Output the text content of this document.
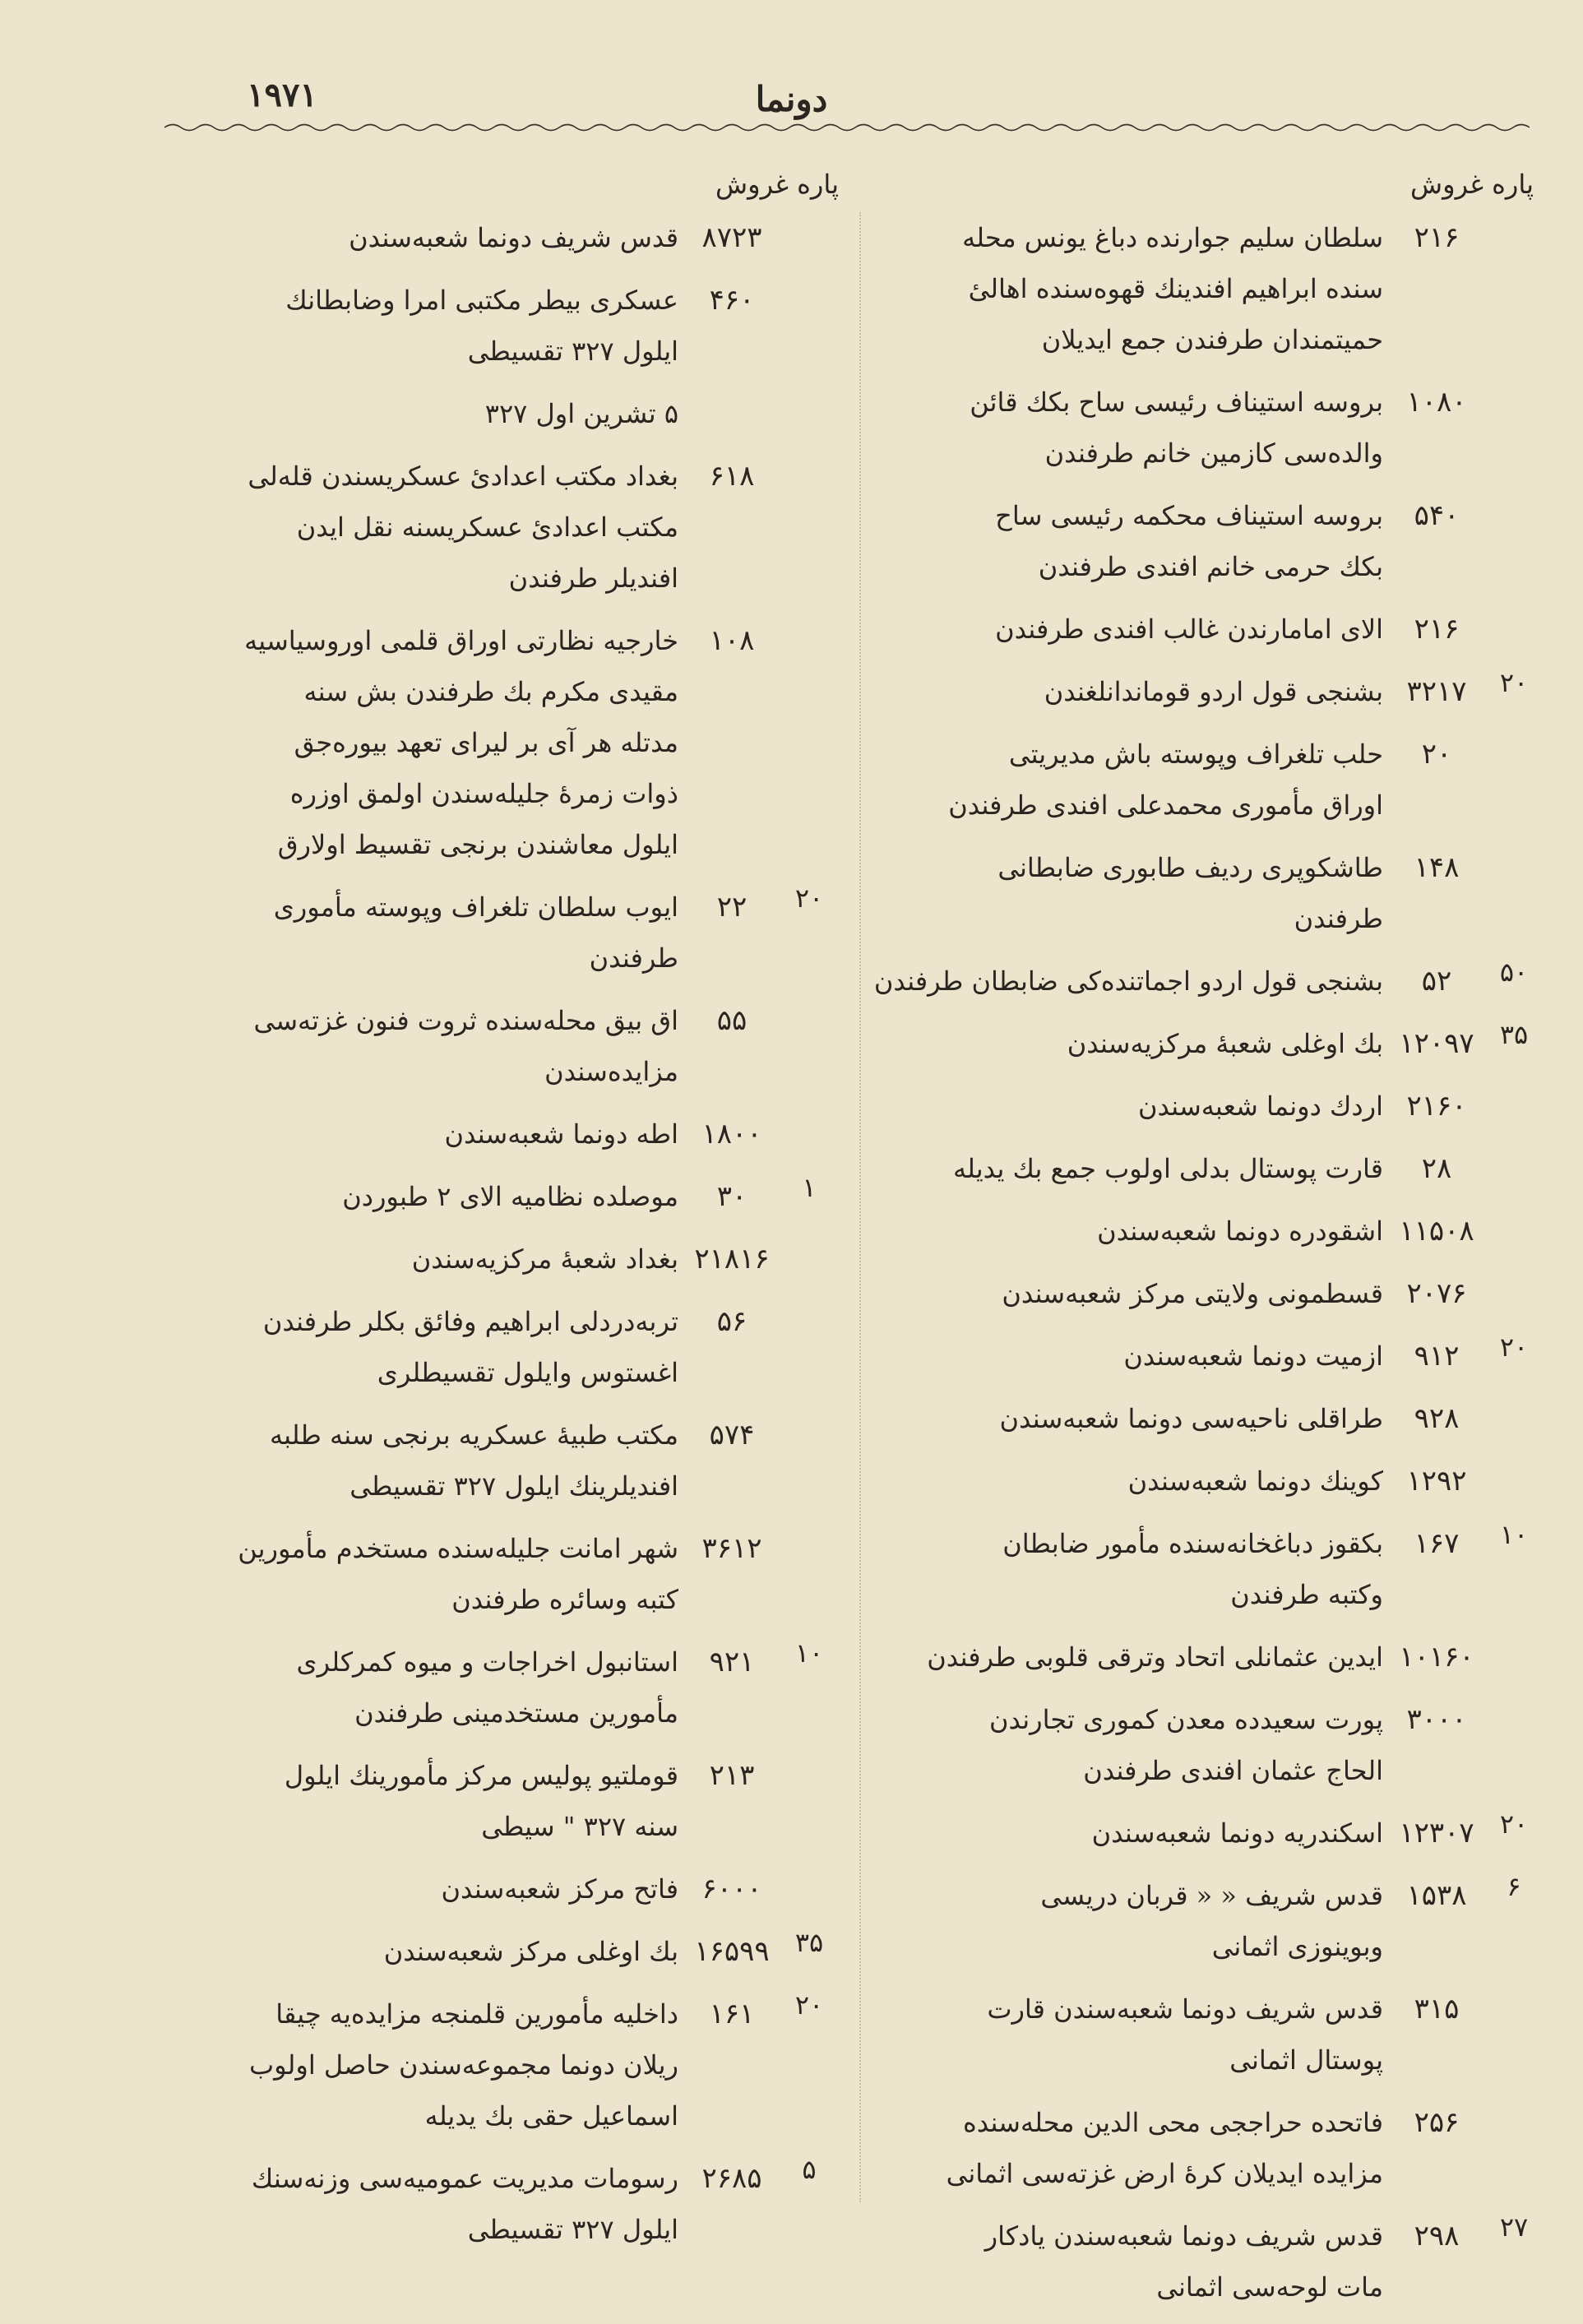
۱۹۷۱	دونما
پاره غروش
پاره غروش
۲۱۶
سلطان سلیم جوارنده دباغ یونس محله‌
سنده ابراهیم افندینك قهوه‌سنده اهالیٔ
حمیتمندان طرفندن جمع ایدیلان
۱۰۸۰
بروسه استیناف رئیسی ساح بكك قائن
والده‌سی كازمین خانم طرفندن
۵۴۰
بروسه استیناف محكمه رئیسی ساح
بكك حرمی خانم افندی طرفندن
۲۱۶
الای امامارندن غالب افندی طرفندن
۲۰
۳۲۱۷
بشنجی قول اردو قوماندانلغندن
۲۰
حلب تلغراف وپوسته باش مدیریتی
اوراق مأموری محمدعلی افندی طرفندن
۱۴۸
طاشكوپری ردیف طابوری ضابطانی
طرفندن
۵۰
۵۲
بشنجی قول اردو اجماتنده‌كی ضابطان طرفندن
۳۵
۱۲۰۹۷
بك اوغلی شعبهٔ مركزیه‌سندن
۲۱۶۰
اردك دونما شعبه‌سندن
۲۸
قارت پوستال بدلی اولوب جمع بك یدیله
۱۱۵۰۸
اشقودره دونما شعبه‌سندن
۲۰۷۶
قسطمونی ولایتی مركز شعبه‌سندن
۲۰
۹۱۲
ازمیت دونما شعبه‌سندن
۹۲۸
طراقلی ناحیه‌سی دونما شعبه‌سندن
۱۲۹۲
كوینك دونما شعبه‌سندن
۱۰
۱۶۷
بكقوز دباغخانه‌سنده مأمور ضابطان
وكتبه طرفندن
۱۰۱۶۰
ایدین عثمانلی اتحاد وترقی قلوبی طرفندن
۳۰۰۰
پورت سعیدده معدن كموری تجارندن
الحاج عثمان افندی طرفندن
۲۰
۱۲۳۰۷
اسكندریه دونما شعبه‌سندن
۶
۱۵۳۸
قدس شریف « « قربان دریسی
وبوینوزی اثمانی
۳۱۵
قدس شریف دونما شعبه‌سندن قارت
پوستال اثمانی
۲۵۶
فاتحده حراججی محی الدین محله‌سنده
مزایده ایدیلان كرهٔ ارض غزته‌سی اثمانی
۲۷
۲۹۸
قدس شریف دونما شعبه‌سندن یادكار
مات لوحه‌سی اثمانی
۸۷۲۳
قدس شریف دونما شعبه‌سندن
۴۶۰
عسكری بیطر مكتبی امرا وضابطانك
ایلول ۳۲۷ تقسیطی
۵ تشرین اول ۳۲۷
۶۱۸
بغداد مكتب اعدادیٔ عسكریسندن قله‌لی
مكتب اعدادیٔ عسكریسنه نقل ایدن
افندیلر طرفندن
۱۰۸
خارجیه نظارتی اوراق قلمی اوروسیاسیه
مقیدی مكرم بك طرفندن بش سنه
مدتله هر آی بر لیرای تعهد بیوره‌جق
ذوات زمرهٔ جلیله‌سندن اولمق اوزره
ایلول معاشندن برنجی تقسیط اولارق
۲۰
۲۲
ایوب سلطان تلغراف وپوسته مأموری
طرفندن
۵۵
اق بیق محله‌سنده ثروت فنون غزته‌سی
مزایده‌سندن
۱۸۰۰
اطه دونما شعبه‌سندن
۱
۳۰
موصلده نظامیه الای ۲ طبوردن
۲۱۸۱۶
بغداد شعبهٔ مركزیه‌سندن
۵۶
تربه‌دردلی ابراهیم وفائق بكلر طرفندن
اغستوس وایلول تقسیطلری
۵۷۴
مكتب طبیهٔ عسكریه برنجی سنه طلبه
افندیلرینك ایلول ۳۲۷ تقسیطی
۳۶۱۲
شهر امانت جلیله‌سنده مستخدم مأمورین
كتبه وسائره طرفندن
۱۰
۹۲۱
استانبول اخراجات و میوه كمركلری
مأمورین مستخدمینی طرفندن
۲۱۳
قوملتیو پولیس مركز مأمورینك ایلول
سنه ۳۲۷ " سیطی
۶۰۰۰
فاتح مركز شعبه‌سندن
۳۵
۱۶۵۹۹
بك اوغلی مركز شعبه‌سندن
۲۰
۱۶۱
داخلیه مأمورین قلمنجه مزایده‌یه چیقا‌
ریلان دونما مجموعه‌سندن حاصل اولوب
اسماعیل حقی بك یدیله
۵
۲۶۸۵
رسومات مدیریت عمومیه‌سی وزنه‌سنك
ایلول ۳۲۷ تقسیطی
